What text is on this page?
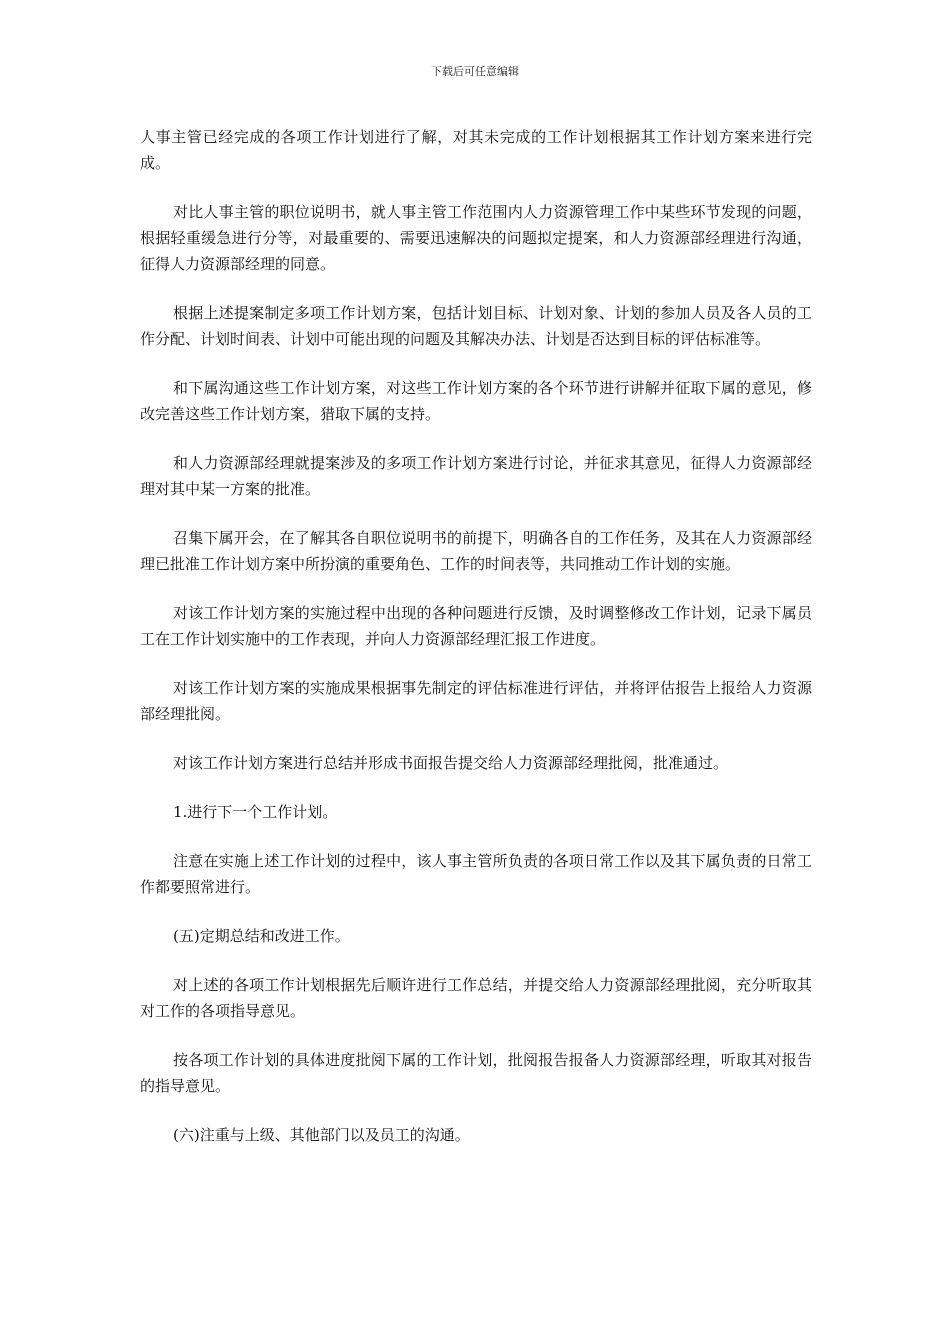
下载后可任意编辑

人事主管已经完成的各项工作计划进行了解，对其未完成的工作计划根据其工作计划方案来进行完成。

对比人事主管的职位说明书，就人事主管工作范围内人力资源管理工作中某些环节发现的问题，根据轻重缓急进行分等，对最重要的、需要迅速解决的问题拟定提案，和人力资源部经理进行沟通，征得人力资源部经理的同意。

根据上述提案制定多项工作计划方案，包括计划目标、计划对象、计划的参加人员及各人员的工作分配、计划时间表、计划中可能出现的问题及其解决办法、计划是否达到目标的评估标准等。

和下属沟通这些工作计划方案，对这些工作计划方案的各个环节进行讲解并征取下属的意见，修改完善这些工作计划方案，猎取下属的支持。

和人力资源部经理就提案涉及的多项工作计划方案进行讨论，并征求其意见，征得人力资源部经理对其中某一方案的批准。

召集下属开会，在了解其各自职位说明书的前提下，明确各自的工作任务，及其在人力资源部经理已批准工作计划方案中所扮演的重要角色、工作的时间表等，共同推动工作计划的实施。

对该工作计划方案的实施过程中出现的各种问题进行反馈，及时调整修改工作计划，记录下属员工在工作计划实施中的工作表现，并向人力资源部经理汇报工作进度。

对该工作计划方案的实施成果根据事先制定的评估标准进行评估，并将评估报告上报给人力资源部经理批阅。

对该工作计划方案进行总结并形成书面报告提交给人力资源部经理批阅，批准通过。

1.进行下一个工作计划。

注意在实施上述工作计划的过程中，该人事主管所负责的各项日常工作以及其下属负责的日常工作都要照常进行。

(五)定期总结和改进工作。

对上述的各项工作计划根据先后顺许进行工作总结，并提交给人力资源部经理批阅，充分听取其对工作的各项指导意见。

按各项工作计划的具体进度批阅下属的工作计划，批阅报告报备人力资源部经理，听取其对报告的指导意见。

(六)注重与上级、其他部门以及员工的沟通。
